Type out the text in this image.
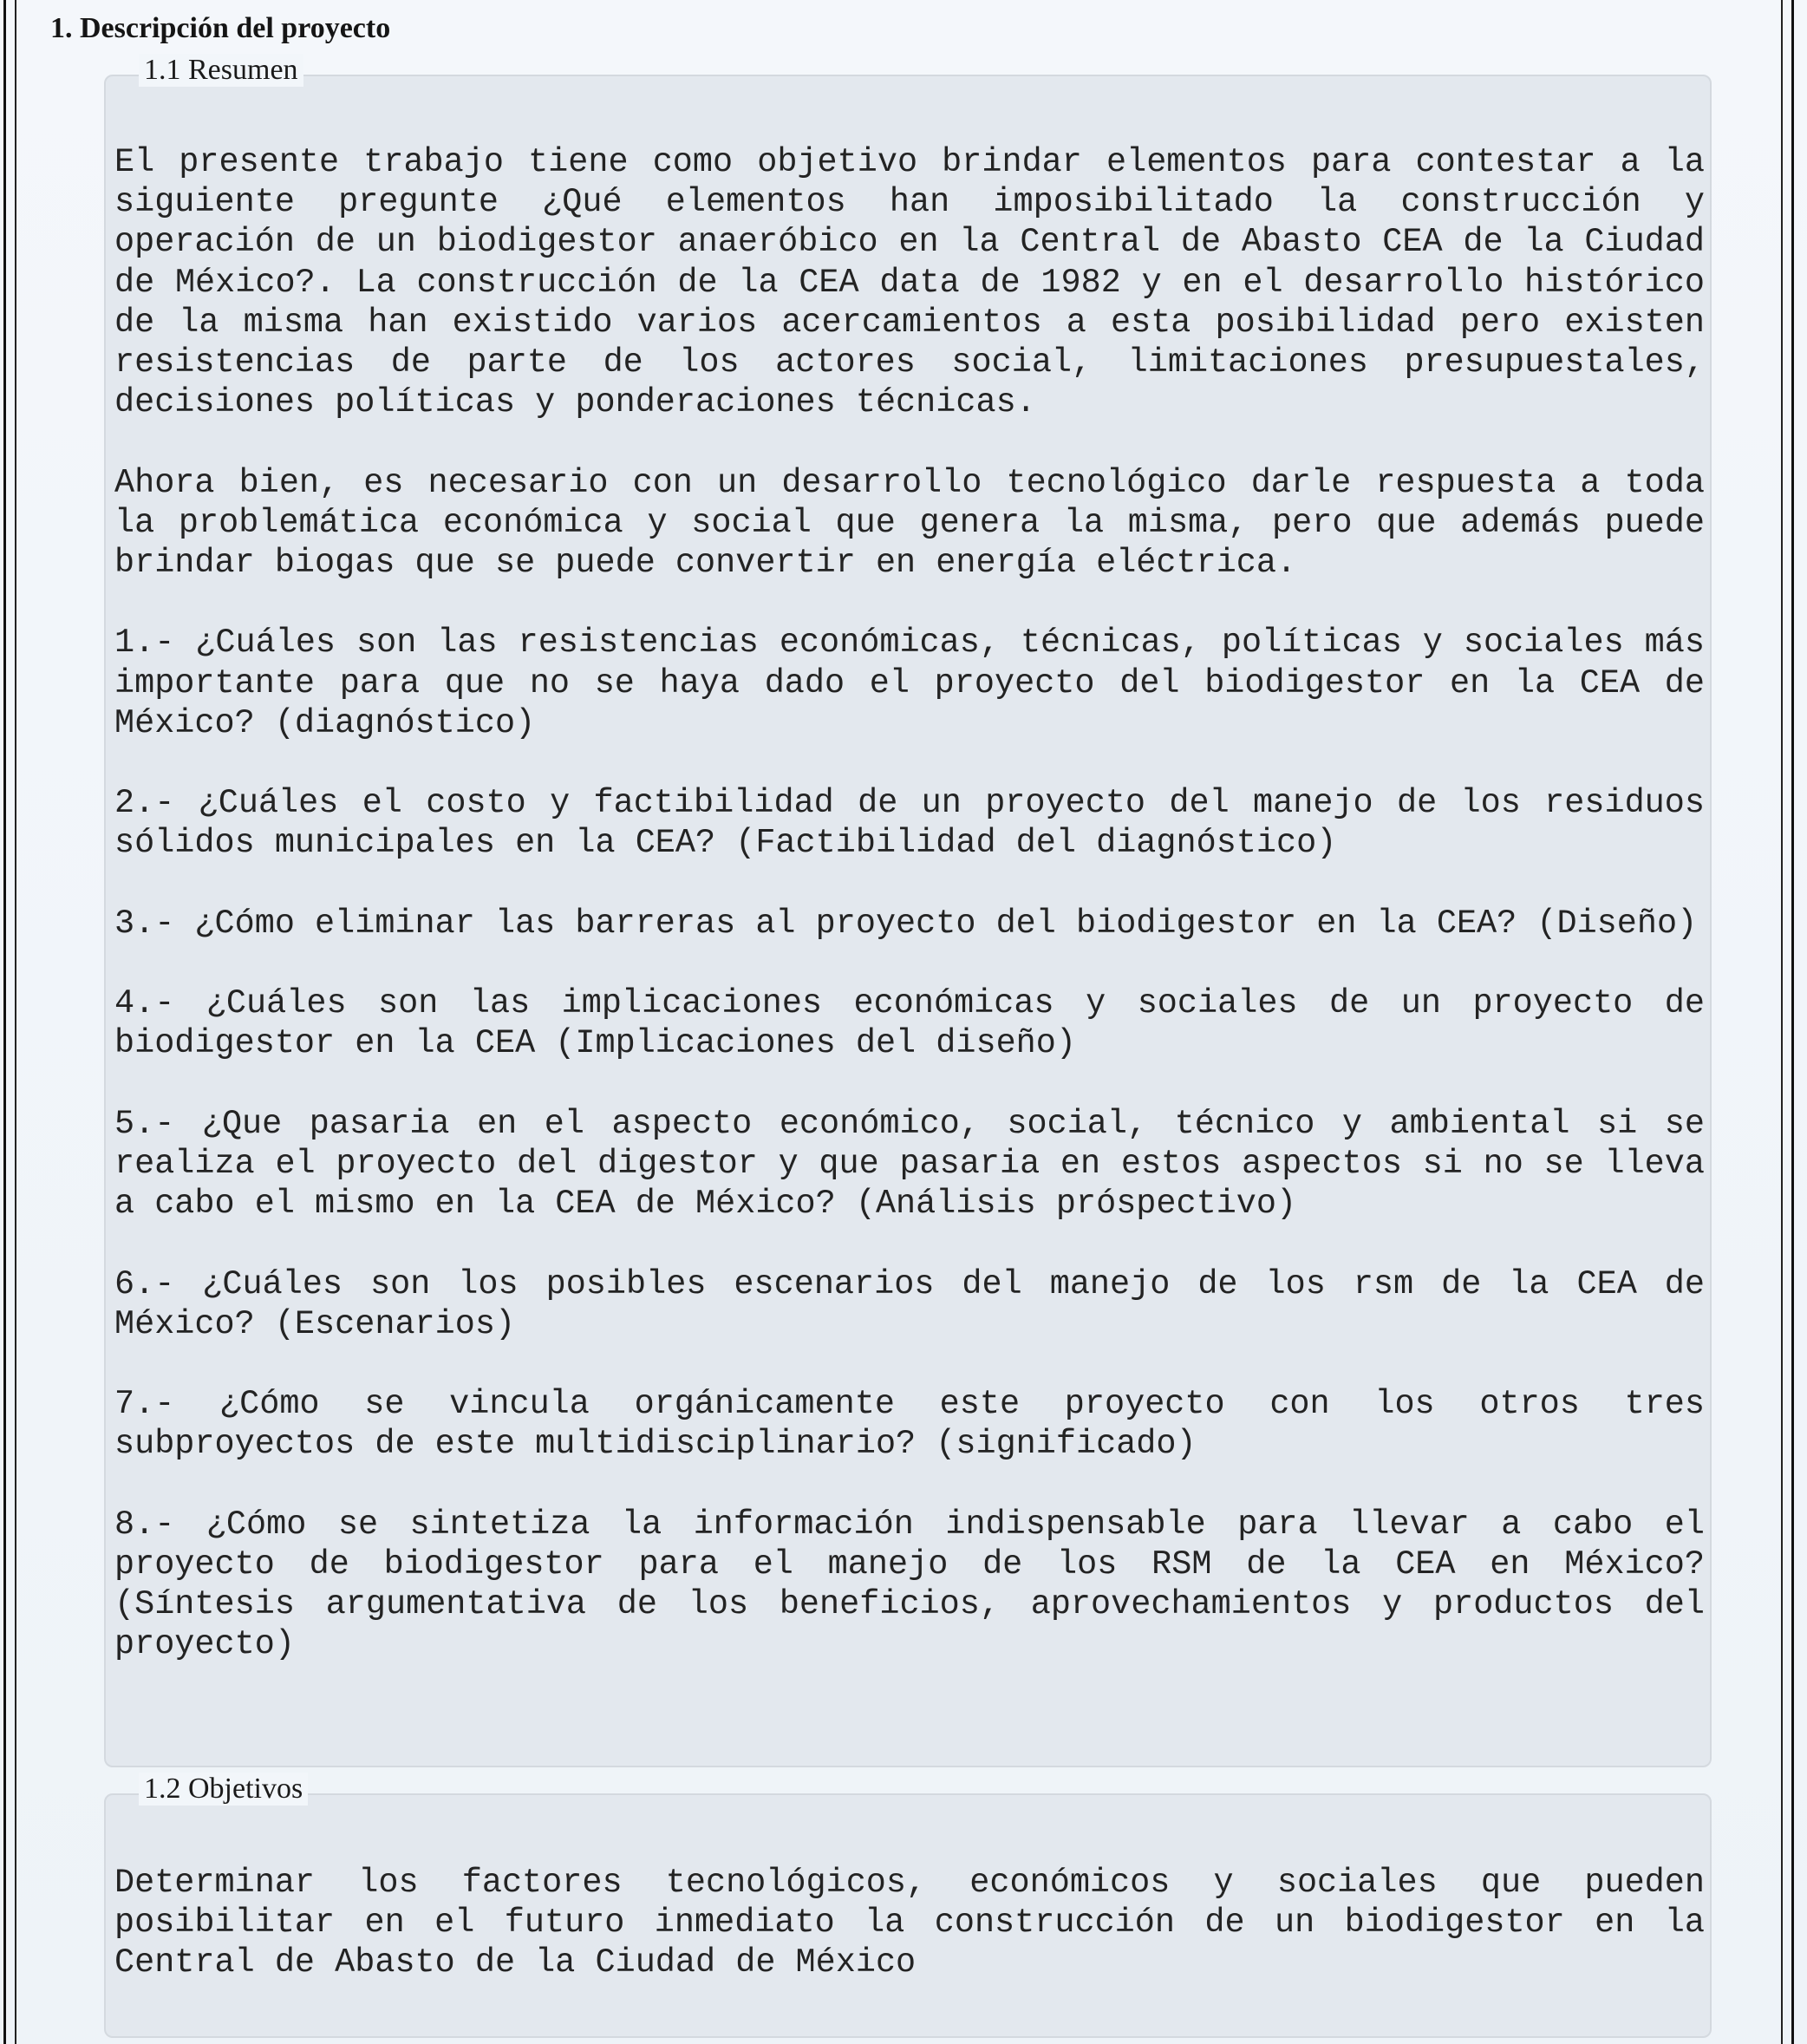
1. Descripción del proyecto
1.1 Resumen

El presente trabajo tiene como objetivo brindar elementos para contestar a la siguiente pregunte ¿Qué elementos han imposibilitado la construcción y operación de un biodigestor anaeróbico en la Central de Abasto CEA de la Ciudad de México?. La construcción de la CEA data de 1982 y en el desarrollo histórico de la misma han existido varios acercamientos a esta posibilidad pero existen resistencias de parte de los actores social, limitaciones presupuestales, decisiones políticas y ponderaciones técnicas.

Ahora bien, es necesario con un desarrollo tecnológico darle respuesta a toda la problemática económica y social que genera la misma, pero que además puede brindar biogas que se puede convertir en energía eléctrica.

1.- ¿Cuáles son las resistencias económicas, técnicas, políticas y sociales más importante para que no se haya dado el proyecto del biodigestor en la CEA de México? (diagnóstico)

2.- ¿Cuáles el costo y factibilidad de un proyecto del manejo de los residuos sólidos municipales en la CEA? (Factibilidad del diagnóstico)

3.- ¿Cómo eliminar las barreras al proyecto del biodigestor en la CEA? (Diseño)

4.- ¿Cuáles son las implicaciones económicas y sociales de un proyecto de biodigestor en la CEA (Implicaciones del diseño)

5.- ¿Que pasaria en el aspecto económico, social, técnico y ambiental si se realiza el proyecto del digestor y que pasaria en estos aspectos si no se lleva a cabo el mismo en la CEA de México? (Análisis próspectivo)

6.- ¿Cuáles son los posibles escenarios del manejo de los rsm de la CEA de México? (Escenarios)

7.- ¿Cómo se vincula orgánicamente este proyecto con los otros tres subproyectos de este multidisciplinario? (significado)

8.- ¿Cómo se sintetiza la información indispensable para llevar a cabo el proyecto de biodigestor para el manejo de los RSM de la CEA en México? (Síntesis argumentativa de los beneficios, aprovechamientos y productos del proyecto)

1.2 Objetivos

Determinar los factores tecnológicos, económicos y sociales que pueden posibilitar en el futuro inmediato la construcción de un biodigestor en la Central de Abasto de la Ciudad de México
